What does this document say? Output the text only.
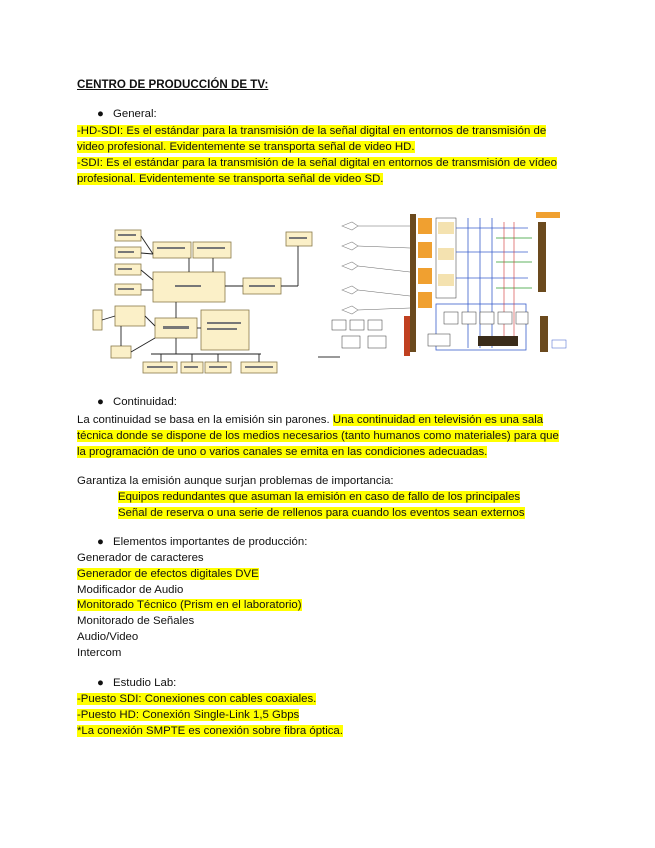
CENTRO DE PRODUCCIÓN DE TV:
● General:
-HD-SDI: Es el estándar para la transmisión de la señal digital en entornos de transmisión de video profesional. Evidentemente se transporta señal de video HD.
-SDI: Es el estándar para la transmisión de la señal digital en entornos de transmisión de vídeo profesional. Evidentemente se transporta señal de video SD.
● Continuidad:
La continuidad se basa en la emisión sin parones. Una continuidad en televisión es una sala técnica donde se dispone de los medios necesarios (tanto humanos como materiales) para que la programación de uno o varios canales se emita en las condiciones adecuadas.
Garantiza la emisión aunque surjan problemas de importancia:
Equipos redundantes que asuman la emisión en caso de fallo de los principales
Señal de reserva o una serie de rellenos para cuando los eventos sean externos
● Elementos importantes de producción:
Generador de caracteres
Generador de efectos digitales DVE
Modificador de Audio
Monitorado Técnico (Prism en el laboratorio)
Monitorado de Señales
Audio/Video
Intercom
● Estudio Lab:
-Puesto SDI: Conexiones con cables coaxiales.
-Puesto HD: Conexión Single-Link 1,5 Gbps
*La conexión SMPTE es conexión sobre fibra óptica.
